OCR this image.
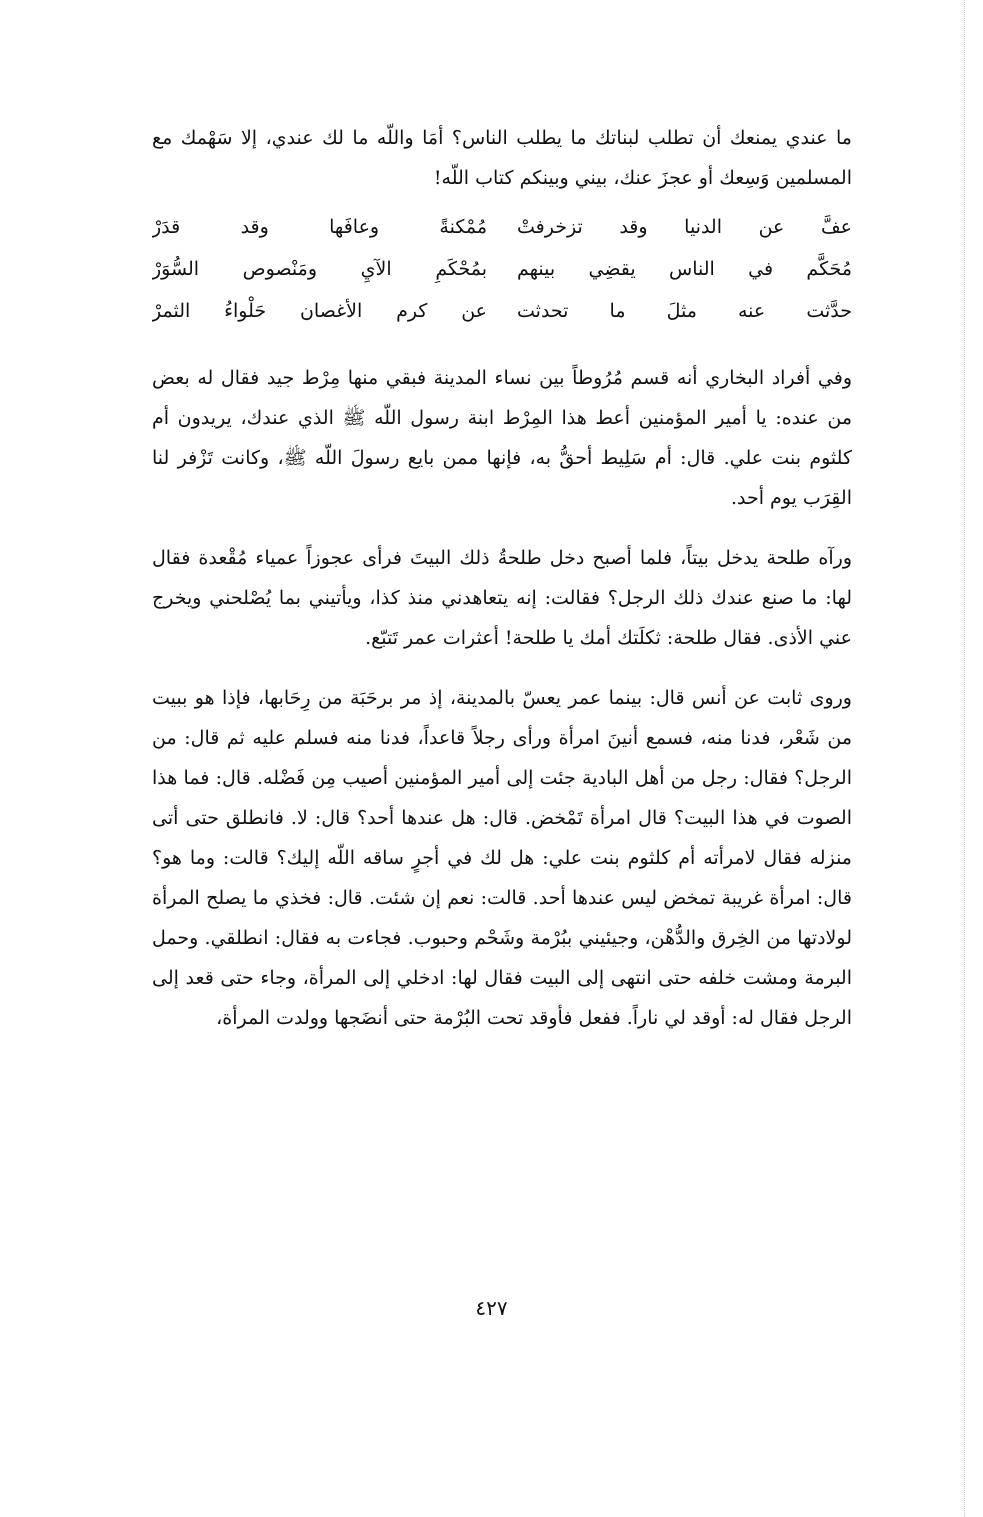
ما عندي يمنعك أن تطلب لبناتك ما يطلب الناس؟ أمَا واللّه ما لك عندي، إلا سَهْمك مع المسلمين وَسِعك أو عجزَ عنك، بيني وبينكم كتاب اللّه!

عفَّ عن الدنيا وقد تزخرفتْ
مُمْكنةً وعافَها وقد قدَرْ
مُحَكَّم في الناس يقضِي بينهم
بمُحْكَمِ الآيِ ومَنْصوص السُّوَرْ
حدَّثت عنه مثلَ ما تحدثت
عن كرم الأغصان حَلْواءُ الثمرْ

وفي أفراد البخاري أنه قسم مُرُوطاً بين نساء المدينة فبقي منها مِرْط جيد فقال له بعض من عنده: يا أمير المؤمنين أعط هذا المِرْط ابنة رسول اللّه ﷺ الذي عندك، يريدون أم كلثوم بنت علي. قال: أم سَلِيط أحقُّ به، فإنها ممن بايع رسولَ اللّه ﷺ، وكانت تَزْفر لنا القِرَب يوم أحد.

ورآه طلحة يدخل بيتاً، فلما أصبح دخل طلحةُ ذلك البيتَ فرأى عجوزاً عمياء مُقْعدة فقال لها: ما صنع عندك ذلك الرجل؟ فقالت: إنه يتعاهدني منذ كذا، ويأتيني بما يُصْلحني ويخرج عني الأذى. فقال طلحة: ثكلَتك أمك يا طلحة! أعثرات عمر تَتبّع.

وروى ثابت عن أنس قال: بينما عمر يعسّ بالمدينة، إذ مر برحَبَة من رِحَابها، فإذا هو ببيت من شَعْر، فدنا منه، فسمع أنينَ امرأة ورأى رجلاً قاعداً، فدنا منه فسلم عليه ثم قال: من الرجل؟ فقال: رجل من أهل البادية جئت إلى أمير المؤمنين أصيب مِن فَضْله. قال: فما هذا الصوت في هذا البيت؟ قال امرأة تَمْخض. قال: هل عندها أحد؟ قال: لا. فانطلق حتى أتى منزله فقال لامرأته أم كلثوم بنت علي: هل لك في أجرٍ ساقه اللّه إليك؟ قالت: وما هو؟ قال: امرأة غريبة تمخض ليس عندها أحد. قالت: نعم إن شئت. قال: فخذي ما يصلح المرأة لولادتها من الخِرق والدُّهْن، وجيئيني ببُرْمة وشَحْم وحبوب. فجاءت به فقال: انطلقي. وحمل البرمة ومشت خلفه حتى انتهى إلى البيت فقال لها: ادخلي إلى المرأة، وجاء حتى قعد إلى الرجل فقال له: أوقد لي ناراً. ففعل فأوقد تحت البُرْمة حتى أنضَجها وولدت المرأة،

٤٢٧
